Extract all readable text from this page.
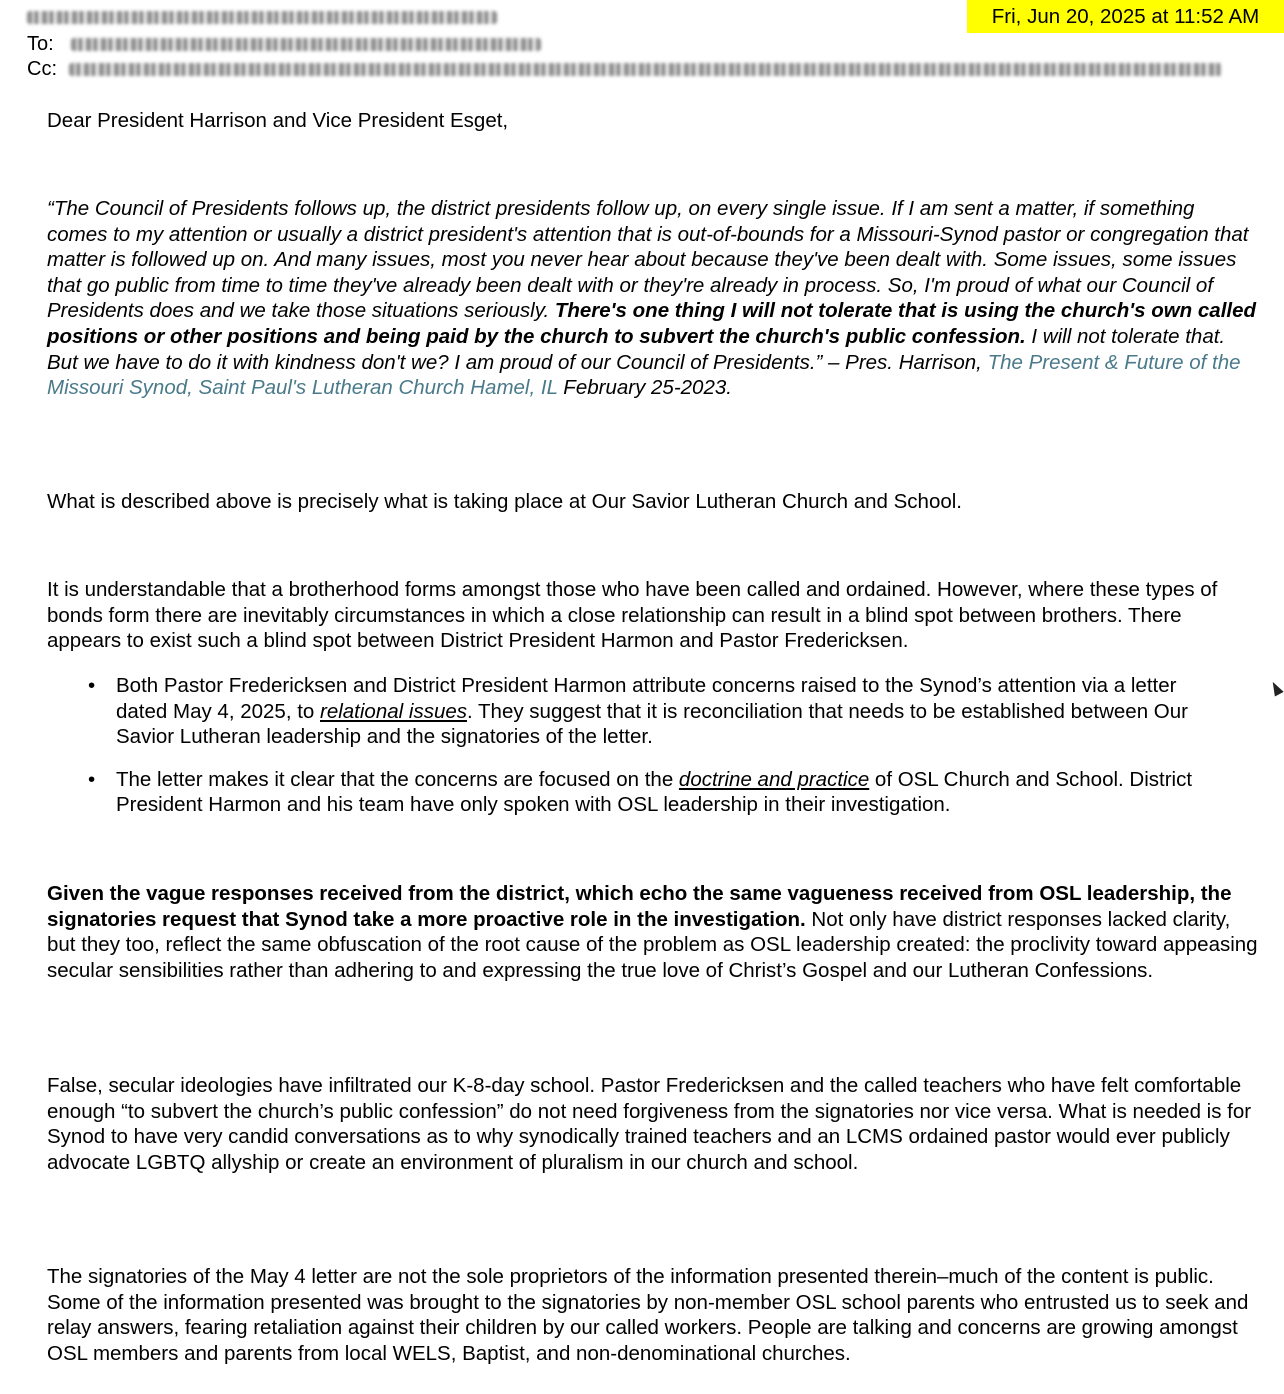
Fri, Jun 20, 2025 at 11:52 AM
To:
Cc:

Dear President Harrison and Vice President Esget,

“The Council of Presidents follows up, the district presidents follow up, on every single issue. If I am sent a matter, if something comes to my attention or usually a district president's attention that is out-of-bounds for a Missouri-Synod pastor or congregation that matter is followed up on. And many issues, most you never hear about because they've been dealt with. Some issues, some issues that go public from time to time they've already been dealt with or they're already in process. So, I'm proud of what our Council of Presidents does and we take those situations seriously. There's one thing I will not tolerate that is using the church's own called positions or other positions and being paid by the church to subvert the church's public confession. I will not tolerate that. But we have to do it with kindness don't we? I am proud of our Council of Presidents.” – Pres. Harrison, The Present & Future of the Missouri Synod, Saint Paul's Lutheran Church Hamel, IL February 25-2023.

What is described above is precisely what is taking place at Our Savior Lutheran Church and School.

It is understandable that a brotherhood forms amongst those who have been called and ordained. However, where these types of bonds form there are inevitably circumstances in which a close relationship can result in a blind spot between brothers. There appears to exist such a blind spot between District President Harmon and Pastor Fredericksen.

• Both Pastor Fredericksen and District President Harmon attribute concerns raised to the Synod’s attention via a letter dated May 4, 2025, to relational issues. They suggest that it is reconciliation that needs to be established between Our Savior Lutheran leadership and the signatories of the letter.
• The letter makes it clear that the concerns are focused on the doctrine and practice of OSL Church and School. District President Harmon and his team have only spoken with OSL leadership in their investigation.

Given the vague responses received from the district, which echo the same vagueness received from OSL leadership, the signatories request that Synod take a more proactive role in the investigation. Not only have district responses lacked clarity, but they too, reflect the same obfuscation of the root cause of the problem as OSL leadership created: the proclivity toward appeasing secular sensibilities rather than adhering to and expressing the true love of Christ’s Gospel and our Lutheran Confessions.

False, secular ideologies have infiltrated our K-8-day school. Pastor Fredericksen and the called teachers who have felt comfortable enough “to subvert the church’s public confession” do not need forgiveness from the signatories nor vice versa. What is needed is for Synod to have very candid conversations as to why synodically trained teachers and an LCMS ordained pastor would ever publicly advocate LGBTQ allyship or create an environment of pluralism in our church and school.

The signatories of the May 4 letter are not the sole proprietors of the information presented therein–much of the content is public. Some of the information presented was brought to the signatories by non-member OSL school parents who entrusted us to seek and relay answers, fearing retaliation against their children by our called workers. People are talking and concerns are growing amongst OSL members and parents from local WELS, Baptist, and non-denominational churches.
